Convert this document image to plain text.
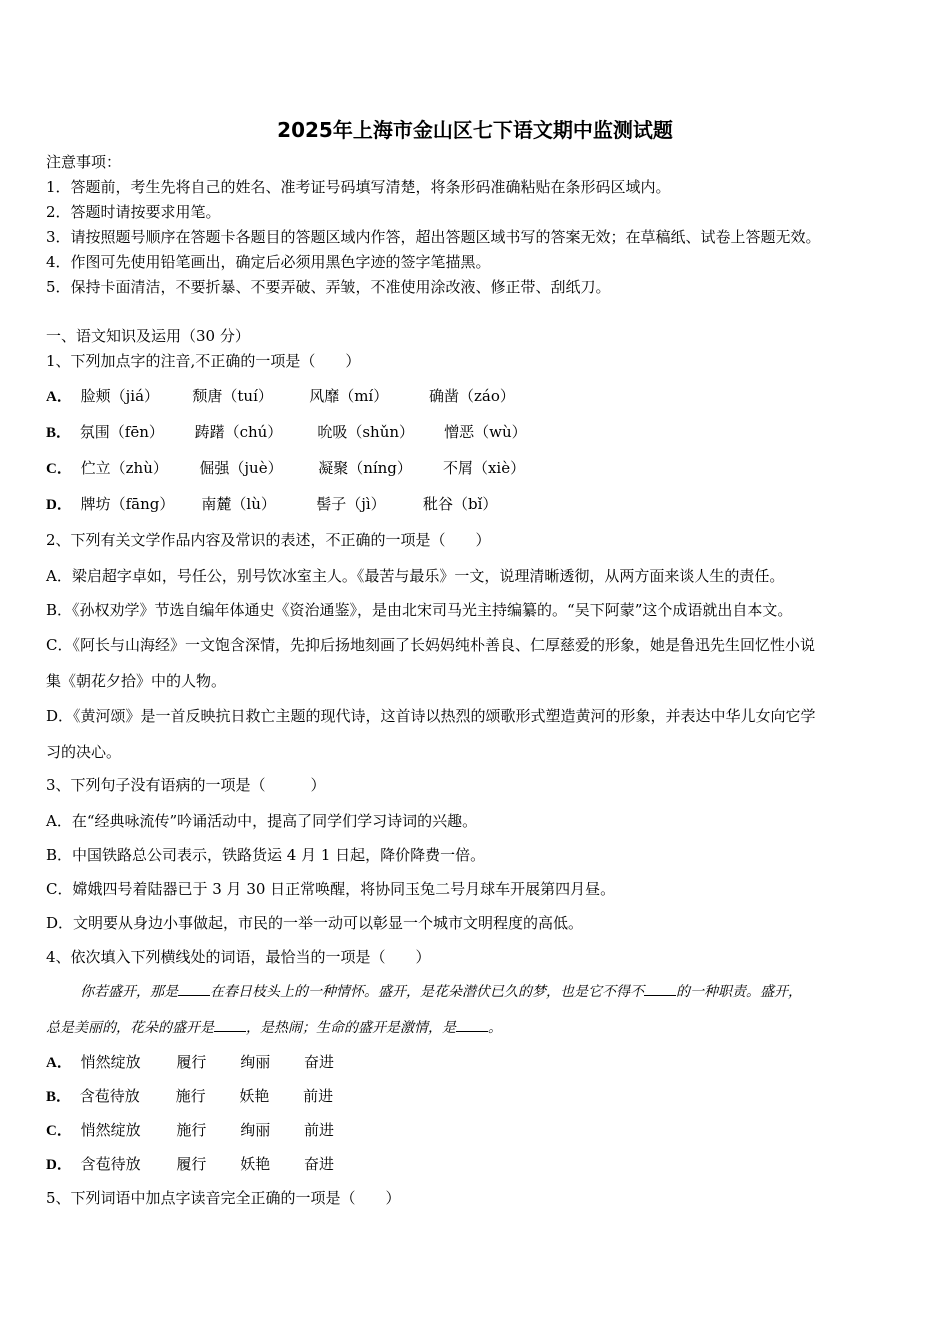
2025年上海市金山区七下语文期中监测试题
注意事项：
1．答题前，考生先将自己的姓名、准考证号码填写清楚，将条形码准确粘贴在条形码区域内。
2．答题时请按要求用笔。
3．请按照题号顺序在答题卡各题目的答题区域内作答，超出答题区域书写的答案无效；在草稿纸、试卷上答题无效。
4．作图可先使用铅笔画出，确定后必须用黑色字迹的签字笔描黑。
5．保持卡面清洁，不要折暴、不要弄破、弄皱，不准使用涂改液、修正带、刮纸刀。
一、语文知识及运用（30 分）
1、下列加点字的注音,不正确的一项是（　　）
A． 脸颊（jiá） 颓唐（tuí） 风靡（mí）	确凿（záo）
B． 氛围（fēn） 踌躇（chú） 吮吸（shǔn） 憎恶（wù）
C． 伫立（zhù） 倔强（juè） 凝聚（níng） 不屑（xiè）
D． 牌坊（fāng） 南麓（lù）	髻子（jì） 秕谷（bǐ）
2、下列有关文学作品内容及常识的表述，不正确的一项是（　　）
A．梁启超字卓如，号任公，别号饮冰室主人。《最苦与最乐》一文，说理清晰透彻，从两方面来谈人生的责任。
B．《孙权劝学》节选自编年体通史《资治通鉴》，是由北宋司马光主持编纂的。“吴下阿蒙”这个成语就出自本文。
C．《阿长与山海经》一文饱含深情，先抑后扬地刻画了长妈妈纯朴善良、仁厚慈爱的形象，她是鲁迅先生回忆性小说
集《朝花夕拾》中的人物。
D．《黄河颂》是一首反映抗日救亡主题的现代诗，这首诗以热烈的颂歌形式塑造黄河的形象，并表达中华儿女向它学
习的决心。
3、下列句子没有语病的一项是（　　　）
A．在“经典咏流传”吟诵活动中，提高了同学们学习诗词的兴趣。
B．中国铁路总公司表示，铁路货运 4 月 1 日起，降价降费一倍。
C．嫦娥四号着陆器已于 3 月 30 日正常唤醒，将协同玉兔二号月球车开展第四月昼。
D．文明要从身边小事做起，市民的一举一动可以彰显一个城市文明程度的高低。
4、依次填入下列横线处的词语，最恰当的一项是（　　）
你若盛开，那是 在春日枝头上的一种情怀。盛开，是花朵潜伏已久的梦，也是它不得不 的一种职责。盛开，
总是美丽的，花朵的盛开是 ，是热闹；生命的盛开是激情，是 。
A． 悄然绽放 履行 绚丽 奋进
B． 含苞待放 施行 妖艳 前进
C． 悄然绽放 施行 绚丽 前进
D． 含苞待放 履行 妖艳 奋进
5、下列词语中加点字读音完全正确的一项是（　　）
